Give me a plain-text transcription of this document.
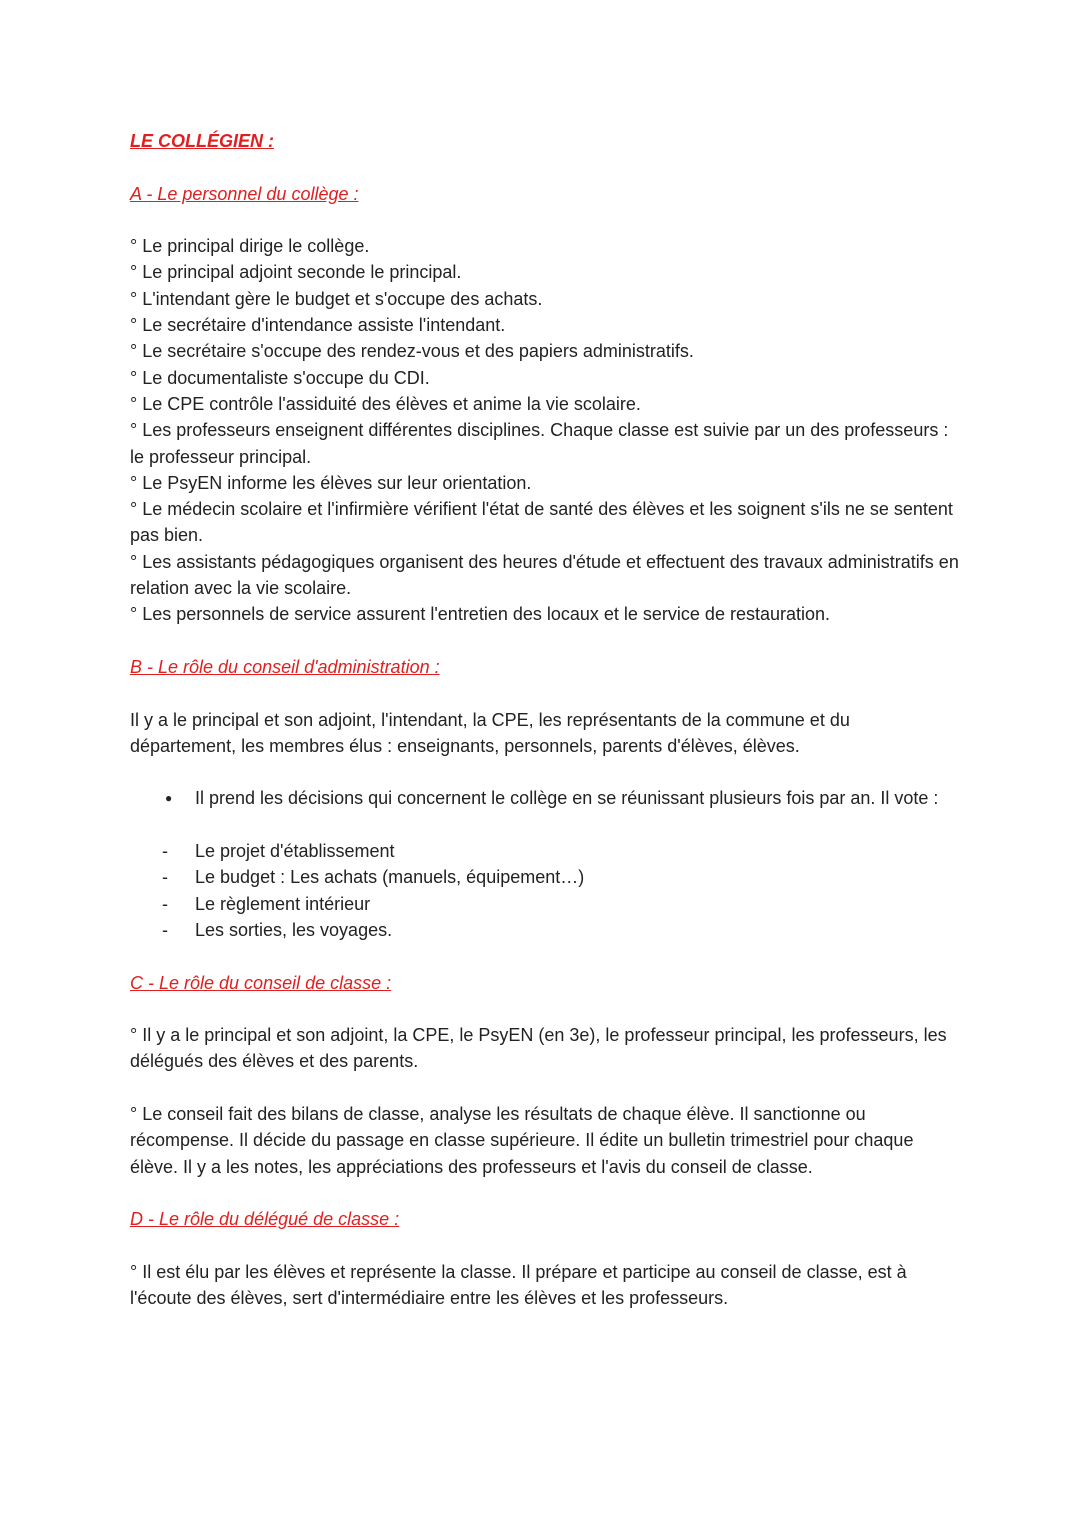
LE COLLÉGIEN :

A - Le personnel du collège :

° Le principal dirige le collège.

° Le principal adjoint seconde le principal.

° L'intendant gère le budget et s'occupe des achats.

° Le secrétaire d'intendance assiste l'intendant.

° Le secrétaire s'occupe des rendez-vous et des papiers administratifs.

° Le documentaliste s'occupe du CDI.

° Le CPE contrôle l'assiduité des élèves et anime la vie scolaire.

° Les professeurs enseignent différentes disciplines. Chaque classe est suivie par un des professeurs : le professeur principal.

° Le PsyEN informe les élèves sur leur orientation.

° Le médecin scolaire et l'infirmière vérifient l'état de santé des élèves et les soignent s'ils ne se sentent pas bien.

° Les assistants pédagogiques organisent des heures d'étude et effectuent des travaux administratifs en relation avec la vie scolaire.

° Les personnels de service assurent l'entretien des locaux et le service de restauration.

B - Le rôle du conseil d'administration :

Il y a le principal et son adjoint, l'intendant, la CPE, les représentants de la commune et du département, les membres élus : enseignants, personnels, parents d'élèves, élèves.

● Il prend les décisions qui concernent le collège en se réunissant plusieurs fois par an. Il vote :
- Le projet d'établissement
- Le budget : Les achats (manuels, équipement…)
- Le règlement intérieur
- Les sorties, les voyages.

C - Le rôle du conseil de classe :

° Il y a le principal et son adjoint, la CPE, le PsyEN (en 3e), le professeur principal, les professeurs, les délégués des élèves et des parents.

° Le conseil fait des bilans de classe, analyse les résultats de chaque élève. Il sanctionne ou récompense. Il décide du passage en classe supérieure. Il édite un bulletin trimestriel pour chaque élève. Il y a les notes, les appréciations des professeurs et l'avis du conseil de classe.

D - Le rôle du délégué de classe :

° Il est élu par les élèves et représente la classe. Il prépare et participe au conseil de classe, est à l'écoute des élèves, sert d'intermédiaire entre les élèves et les professeurs.
